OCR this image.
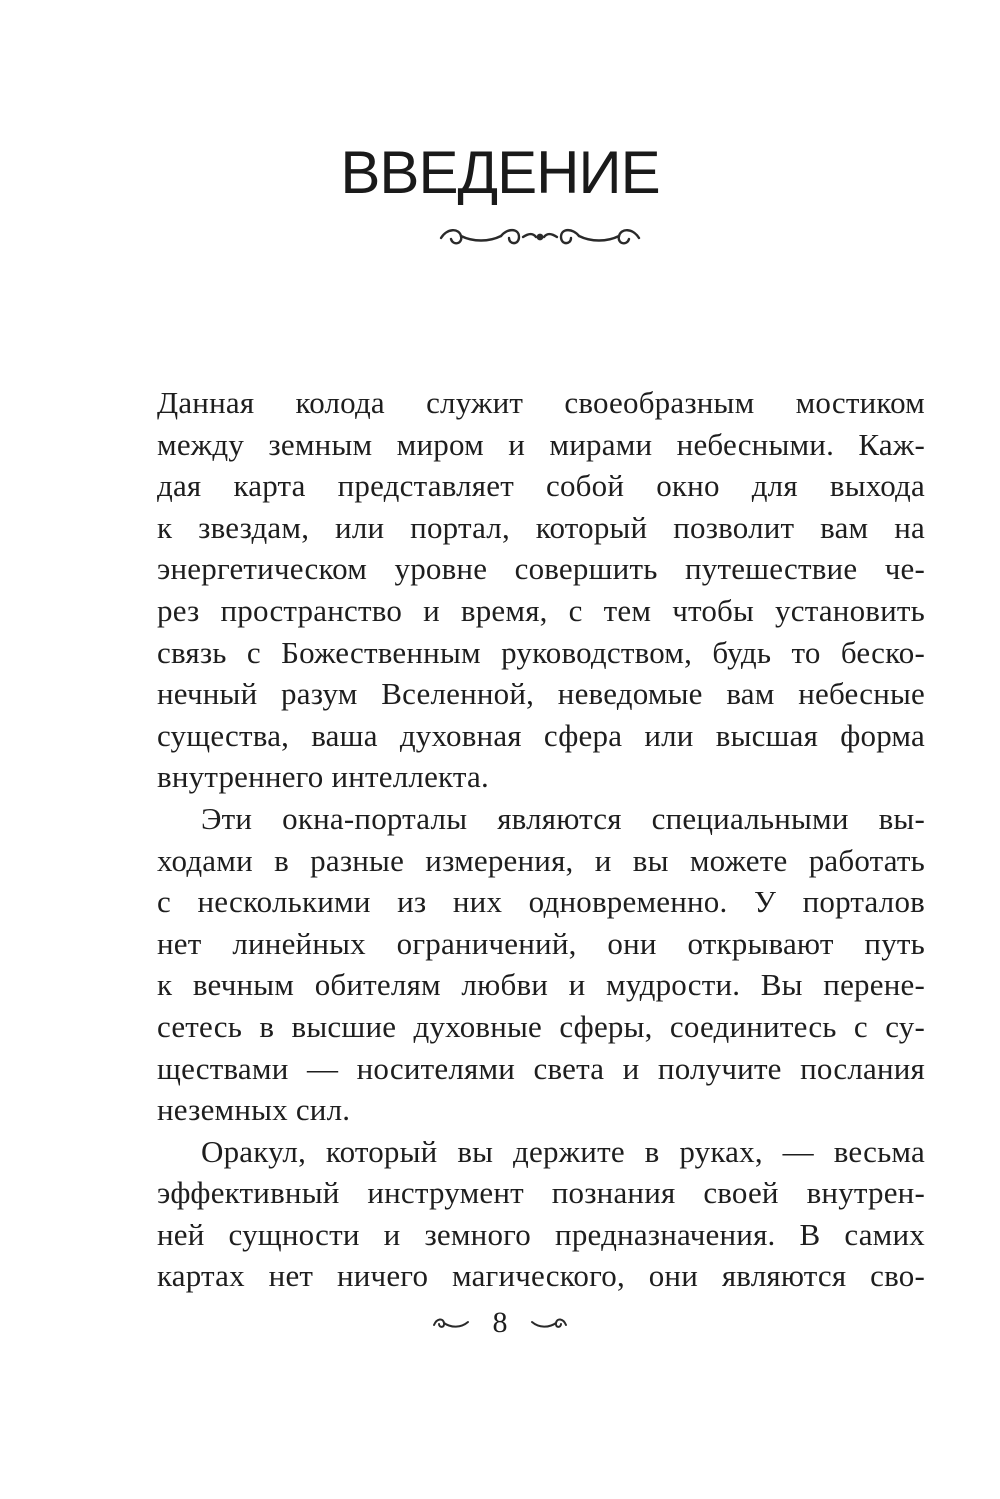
ВВЕДЕНИЕ

Данная колода служит своеобразным мостиком
между земным миром и мирами небесными. Каж-
дая карта представляет собой окно для выхода
к звездам, или портал, который позволит вам на
энергетическом уровне совершить путешествие че-
рез пространство и время, с тем чтобы установить
связь с Божественным руководством, будь то беско-
нечный разум Вселенной, неведомые вам небесные
существа, ваша духовная сфера или высшая форма
внутреннего интеллекта.

Эти окна-порталы являются специальными вы-
ходами в разные измерения, и вы можете работать
с несколькими из них одновременно. У порталов
нет линейных ограничений, они открывают путь
к вечным обителям любви и мудрости. Вы перене-
сетесь в высшие духовные сферы, соединитесь с су-
ществами — носителями света и получите послания
неземных сил.

Оракул, который вы держите в руках, — весьма
эффективный инструмент познания своей внутрен-
ней сущности и земного предназначения. В самих
картах нет ничего магического, они являются сво-

8
